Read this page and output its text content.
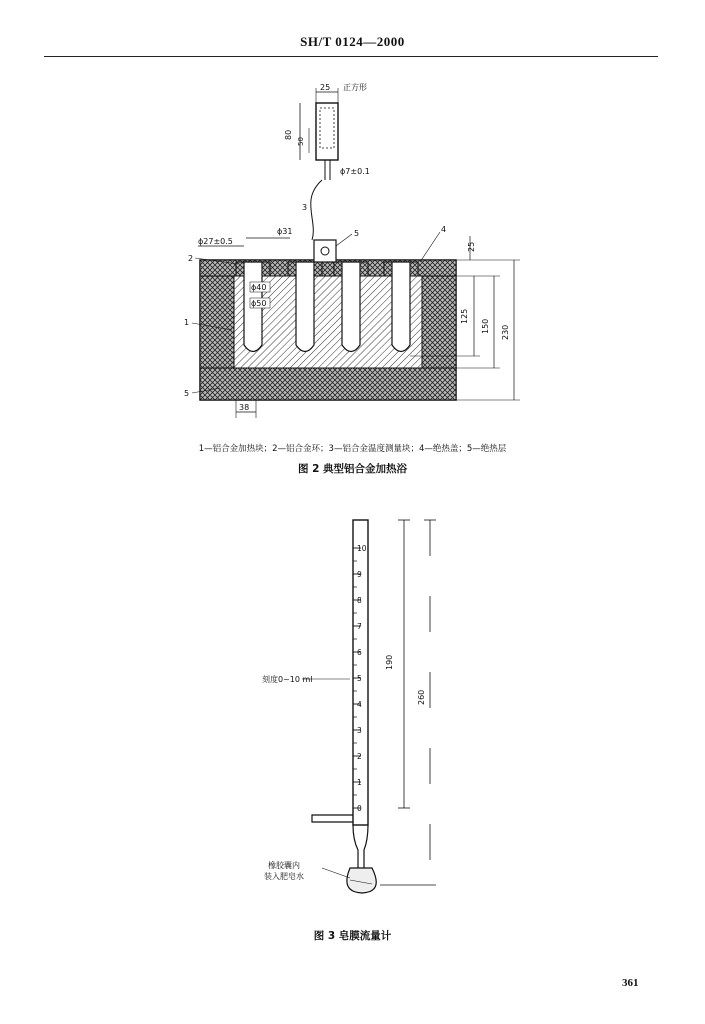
SH/T 0124—2000
25 正方形
80
50
ϕ7±0.1
3
5	4
2
1
5
ϕ31
ϕ27±0.5
ϕ40
ϕ50
25
125
150 230
38
1—铝合金加热块；2—铝合金环；3—铝合金温度测量块；4—绝热盖；5—绝热层
图 2 典型铝合金加热浴
10
9
8
7
6
5
4
3
2
1
0
190
260
刻度0~10 ml
橡胶囊内
装入肥皂水
图 3 皂膜流量计
361
